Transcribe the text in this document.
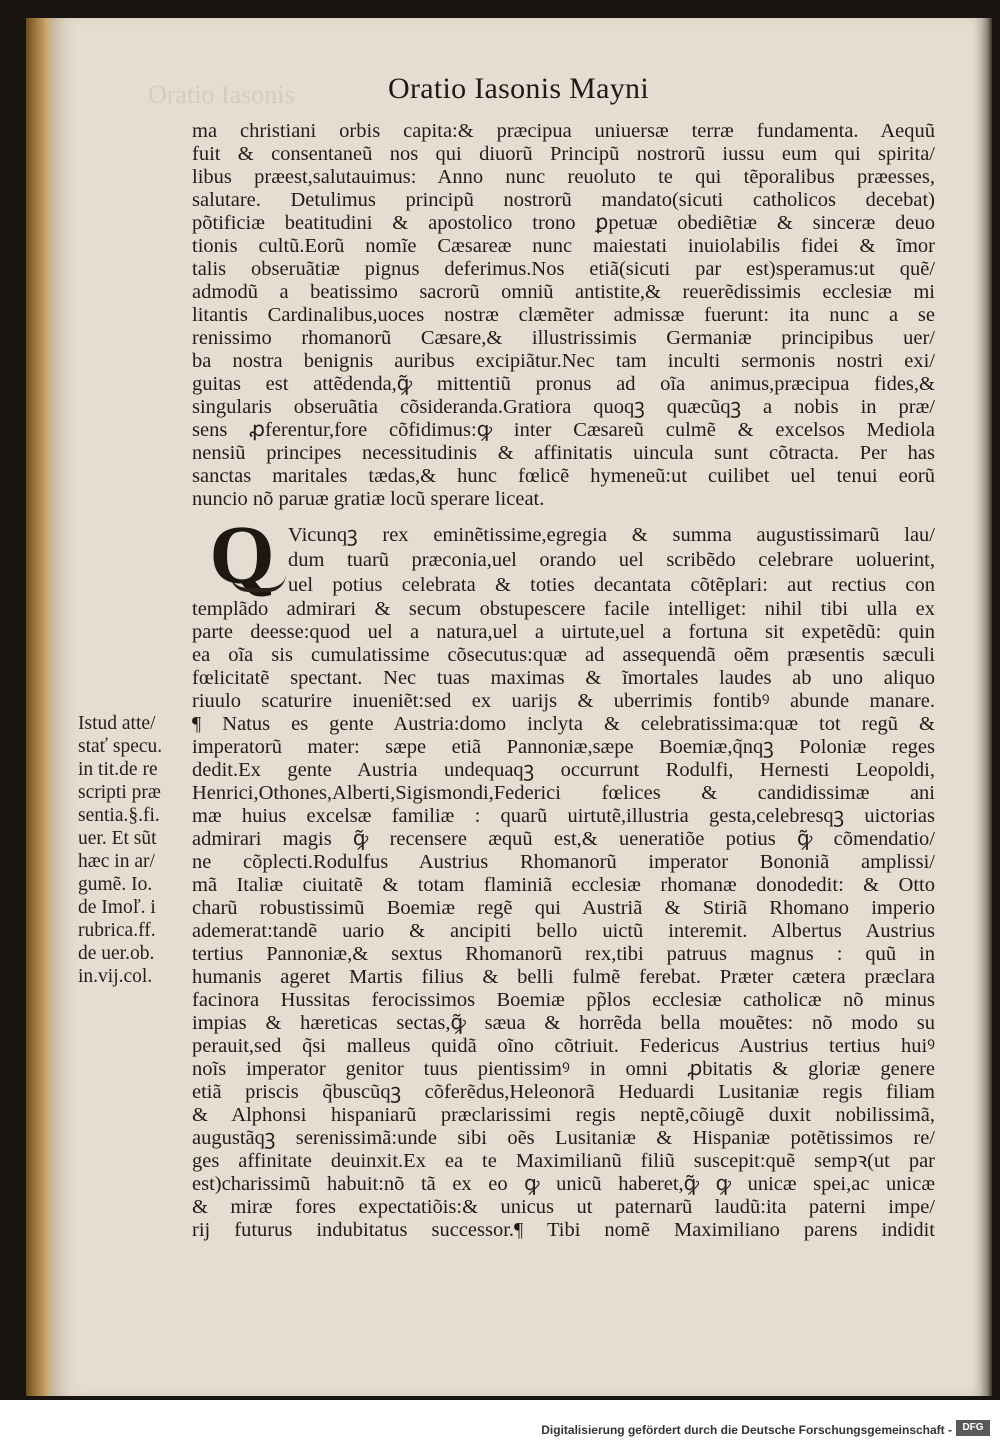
Oratio Iasonis	Oratio Iasonis Mayni
ma christiani orbis capita:& præcipua uniuersæ terræ fundamenta. Aequũ
fuit & consentaneũ nos qui diuorũ Principũ nostrorũ iussu eum qui spirita/
libus præest,salutauimus: Anno nunc reuoluto te qui tẽporalibus præesses,
salutare. Detulimus principũ nostrorũ mandato(sicuti catholicos decebat)
põtificiæ beatitudini & apostolico trono ꝑpetuæ obediẽtiæ & sinceræ deuo
tionis cultũ.Eorũ nomĩe Cæsareæ nunc maiestati inuiolabilis fidei & ĩmor
talis obseruãtiæ pignus deferimus.Nos etiã(sicuti par est)speramus:ut quẽ/
admodũ a beatissimo sacrorũ omniũ antistite,& reuerẽdissimis ecclesiæ mi
litantis Cardinalibus,uoces nostræ clæmẽter admissæ fuerunt: ita nunc a se
renissimo rhomanorũ Cæsare,& illustrissimis Germaniæ principibus uer/
ba nostra benignis auribus excipiãtur.Nec tam inculti sermonis nostri exi/
guitas est attẽdenda,ꝙ̃ mittentiũ pronus ad oĩa animus,præcipua fides,&
singularis obseruãtia cõsideranda.Gratiora quoqꝫ quæcũqꝫ a nobis in præ/
sens ꝓferentur,fore cõfidimus:ꝙ inter Cæsareũ culmẽ & excelsos Mediola
nensiũ principes necessitudinis & affinitatis uincula sunt cõtracta. Per has
sanctas maritales tædas,& hunc fœlicẽ hymeneũ:ut cuilibet uel tenui eorũ
nuncio nõ paruæ gratiæ locũ sperare liceat.
Q Vicunqꝫ rex eminẽtissime,egregia & summa augustissimarũ lau/
dum tuarũ præconia,uel orando uel scribẽdo celebrare uoluerint,
uel potius celebrata & toties decantata cõtẽplari: aut rectius con
templãdo admirari & secum obstupescere facile intelliget: nihil tibi ulla ex
parte deesse:quod uel a natura,uel a uirtute,uel a fortuna sit expetẽdũ: quin
ea oĩa sis cumulatissime cõsecutus:quæ ad assequendã oẽm præsentis sæculi
fœlicitatẽ spectant. Nec tuas maximas & ĩmortales laudes ab uno aliquo
riuulo scaturire inueniẽt:sed ex uarijs & uberrimis fontibꝰ abunde manare.
¶ Natus es gente Austria:domo inclyta & celebratissima:quæ tot regũ &
imperatorũ mater: sæpe etiã Pannoniæ,sæpe Boemiæ,q̃nqꝫ Poloniæ reges
dedit.Ex gente Austria undequaqꝫ occurrunt Rodulfi, Hernesti Leopoldi,
Henrici,Othones,Alberti,Sigismondi,Federici fœlices & candidissimæ ani
mæ huius excelsæ familiæ : quarũ uirtutẽ,illustria gesta,celebresqꝫ uictorias
admirari magis ꝙ̃ recensere æquũ est,& ueneratiõe potius ꝙ̃ cõmendatio/
ne cõplecti.Rodulfus Austrius Rhomanorũ imperator Bononiã amplissi/
mã Italiæ ciuitatẽ & totam flaminiã ecclesiæ rhomanæ donodedit: & Otto
charũ robustissimũ Boemiæ regẽ qui Austriã & Stiriã Rhomano imperio
ademerat:tandẽ uario & ancipiti bello uictũ interemit. Albertus Austrius
tertius Pannoniæ,& sextus Rhomanorũ rex,tibi patruus magnus : quũ in
humanis ageret Martis filius & belli fulmẽ ferebat. Præter cætera præclara
facinora Hussitas ferocissimos Boemiæ pp̃los ecclesiæ catholicæ nõ minus
impias & hæreticas sectas,ꝙ̃ sæua & horrẽda bella mouẽtes: nõ modo su
perauit,sed q̃si malleus quidã oĩno cõtriuit. Federicus Austrius tertius huiꝰ
noĩs imperator genitor tuus pientissimꝰ in omni ꝓbitatis & gloriæ genere
etiã priscis q̃buscũqꝫ cõferẽdus,Heleonorã Heduardi Lusitaniæ regis filiam
& Alphonsi hispaniarũ præclarissimi regis neptẽ,cõiugẽ duxit nobilissimã,
augustãqꝫ serenissimã:unde sibi oẽs Lusitaniæ & Hispaniæ potẽtissimos re/
ges affinitate deuinxit.Ex ea te Maximilianũ filiũ suscepit:quẽ sempꝛ(ut par
est)charissimũ habuit:nõ tã ex eo ꝙ unicũ haberet,ꝙ̃ ꝙ unicæ spei,ac unicæ
& miræ fores expectatiõis:& unicus ut paternarũ laudũ:ita paterni impe/
rij futurus indubitatus successor.¶ Tibi nomẽ Maximiliano parens indidit
Istud atte/
stať specu.
in tit.de re
scripti præ
sentia.§.fi.
uer. Et sũt
hæc in ar/
gumẽ. Io.
de Imoľ. i
rubrica.ff.
de uer.ob.
in.vij.col.
Digitalisierung gefördert durch die Deutsche Forschungsgemeinschaft -	DFG
